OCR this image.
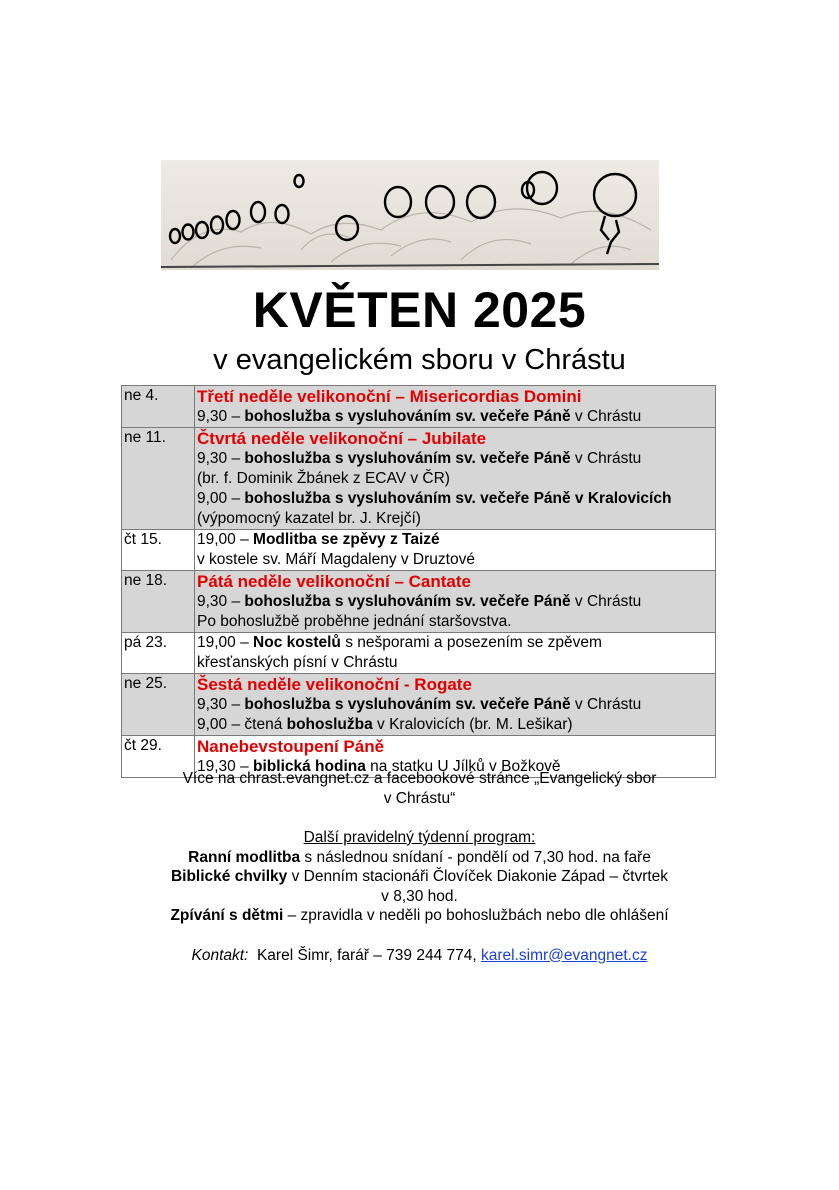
KVĚTEN 2025
v evangelickém sboru v Chrástu
ne 4.	Třetí neděle velikonoční – Misericordias Domini
9,30 – bohoslužba s vysluhováním sv. večeře Páně v Chrástu

ne 11.	Čtvrtá neděle velikonoční – Jubilate
9,30 – bohoslužba s vysluhováním sv. večeře Páně v Chrástu
(br. f. Dominik Žbánek z ECAV v ČR)
9,00 – bohoslužba s vysluhováním sv. večeře Páně v Kralovicích
(výpomocný kazatel br. J. Krejčí)

čt 15.	19,00 – Modlitba se zpěvy z Taizé
v kostele sv. Máří Magdaleny v Druztové

ne 18.	Pátá neděle velikonoční – Cantate
9,30 – bohoslužba s vysluhováním sv. večeře Páně v Chrástu
Po bohoslužbě proběhne jednání staršovstva.

pá 23.	19,00 – Noc kostelů s nešporami a posezením se zpěvem
křesťanských písní v Chrástu

ne 25.	Šestá neděle velikonoční - Rogate
9,30 – bohoslužba s vysluhováním sv. večeře Páně v Chrástu
9,00 – čtená bohoslužba v Kralovicích (br. M. Lešikar)

čt 29.	Nanebevstoupení Páně
19,30 – biblická hodina na statku U Jílků v Božkově
Více na chrast.evangnet.cz a facebookové stránce „Evangelický sbor
v Chrástu“
Další pravidelný týdenní program:
Ranní modlitba s následnou snídaní - pondělí od 7,30 hod. na faře
Biblické chvilky v Denním stacionáři Človíček Diakonie Západ – čtvrtek
v 8,30 hod.
Zpívání s dětmi – zpravidla v neděli po bohoslužbách nebo dle ohlášení
Kontakt:  Karel Šimr, farář – 739 244 774, karel.simr@evangnet.cz
